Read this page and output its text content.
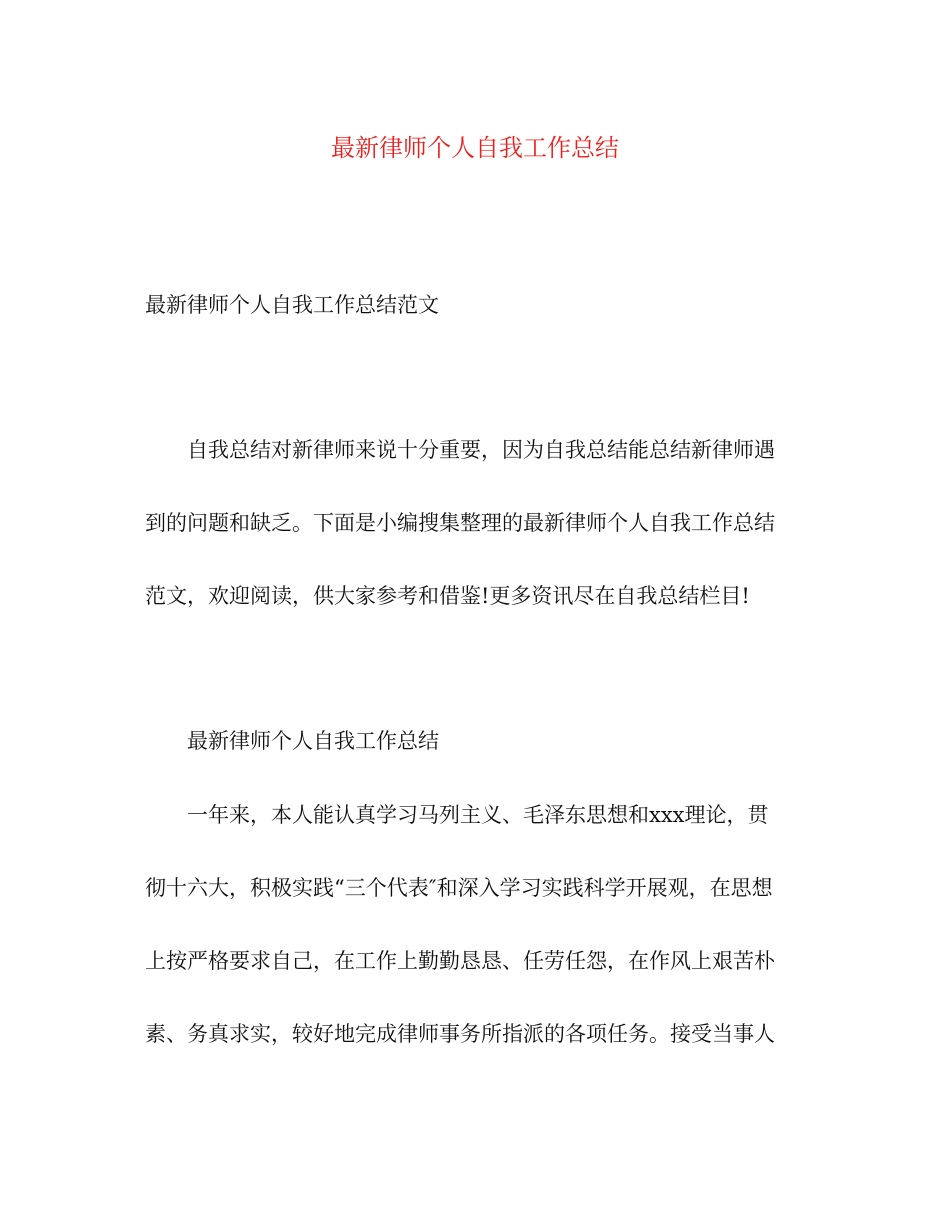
最新律师个人自我工作总结

最新律师个人自我工作总结范文

自我总结对新律师来说十分重要，因为自我总结能总结新律师遇

到的问题和缺乏。下面是小编搜集整理的最新律师个人自我工作总结

范文，欢迎阅读，供大家参考和借鉴!更多资讯尽在自我总结栏目!

最新律师个人自我工作总结

一年来，本人能认真学习马列主义、毛泽东思想和xxx理论，贯

彻十六大，积极实践“三个代表″和深入学习实践科学开展观，在思想

上按严格要求自己，在工作上勤勤恳恳、任劳任怨，在作风上艰苦朴

素、务真求实，较好地完成律师事务所指派的各项任务。接受当事人
